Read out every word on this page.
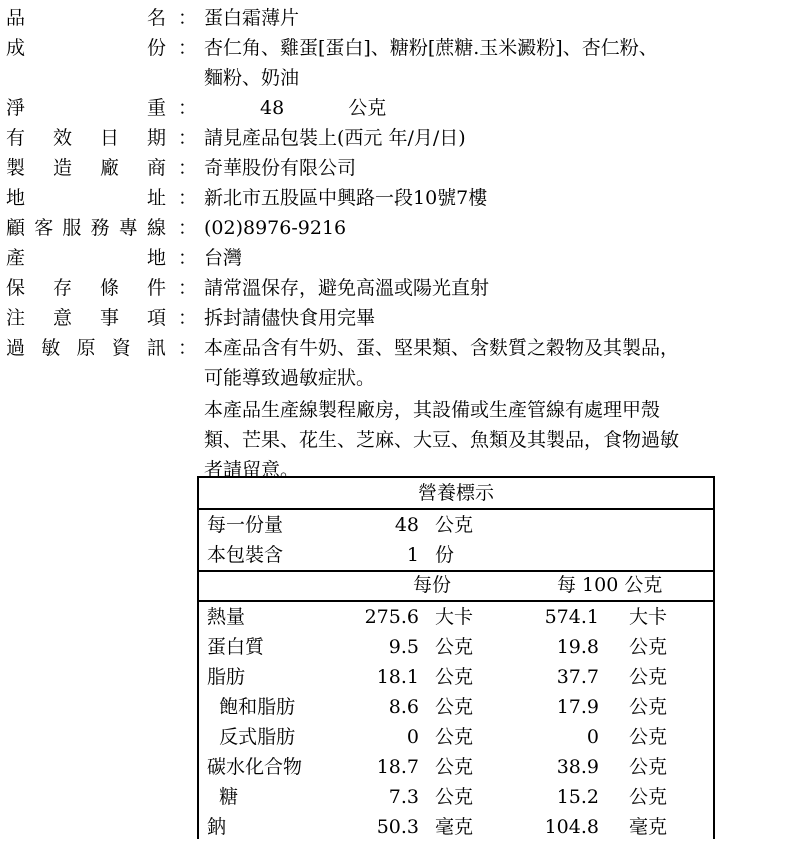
品	名 ： 蛋白霜薄片
成	份 ： 杏仁角、雞蛋[蛋白]、糖粉[蔗糖.玉米澱粉]、杏仁粉、
麵粉、奶油
淨	重 ：	48	公克
有 效 日 期 ： 請見產品包裝上(西元 年/月/日)
製 造 廠 商 ： 奇華股份有限公司
地	址 ： 新北市五股區中興路一段10號7樓
顧 客 服 務 專 線 ： (02)8976-9216
產	地 ： 台灣
保 存 條 件 ： 請常溫保存，避免高溫或陽光直射
注 意 事 項 ： 拆封請儘快食用完畢
過 敏 原 資 訊 ： 本產品含有牛奶、蛋、堅果類、含麩質之穀物及其製品，
可能導致過敏症狀。
本產品生產線製程廠房，其設備或生產管線有處理甲殼
類、芒果、花生、芝麻、大豆、魚類及其製品，食物過敏
者請留意。
營養標示
每一份量	48 公克
本包裝含	1 份
每份	每 100 公克
熱量	275.6 大卡	574.1 大卡
蛋白質	9.5 公克	19.8 公克
脂肪	18.1 公克	37.7 公克
飽和脂肪	8.6 公克	17.9 公克
反式脂肪	0 公克	0 公克
碳水化合物	18.7 公克	38.9 公克
糖	7.3 公克	15.2 公克
鈉	50.3 毫克	104.8 毫克
